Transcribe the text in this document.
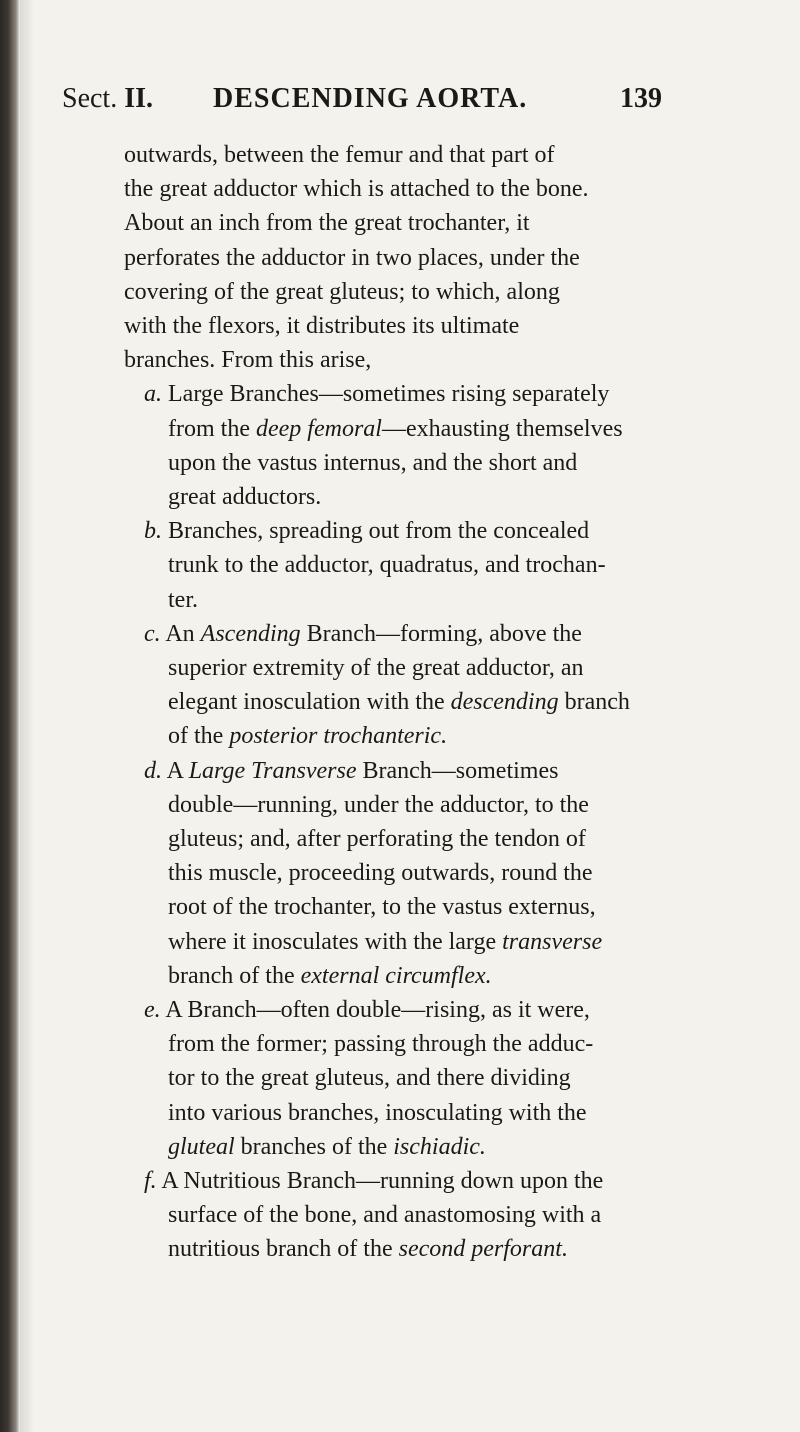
Sect. II. DESCENDING AORTA.	139
outwards, between the femur and that part of
the great adductor which is attached to the bone.
About an inch from the great trochanter, it
perforates the adductor in two places, under the
covering of the great gluteus; to which, along
with the flexors, it distributes its ultimate
branches. From this arise,
a. Large Branches—sometimes rising separately
from the deep femoral—exhausting themselves
upon the vastus internus, and the short and
great adductors.
b. Branches, spreading out from the concealed
trunk to the adductor, quadratus, and trochan-
ter.
c. An Ascending Branch—forming, above the
superior extremity of the great adductor, an
elegant inosculation with the descending branch
of the posterior trochanteric.
d. A Large Transverse Branch—sometimes
double—running, under the adductor, to the
gluteus; and, after perforating the tendon of
this muscle, proceeding outwards, round the
root of the trochanter, to the vastus externus,
where it inosculates with the large transverse
branch of the external circumflex.
e. A Branch—often double—rising, as it were,
from the former; passing through the adduc-
tor to the great gluteus, and there dividing
into various branches, inosculating with the
gluteal branches of the ischiadic.
f. A Nutritious Branch—running down upon the
surface of the bone, and anastomosing with a
nutritious branch of the second perforant.
